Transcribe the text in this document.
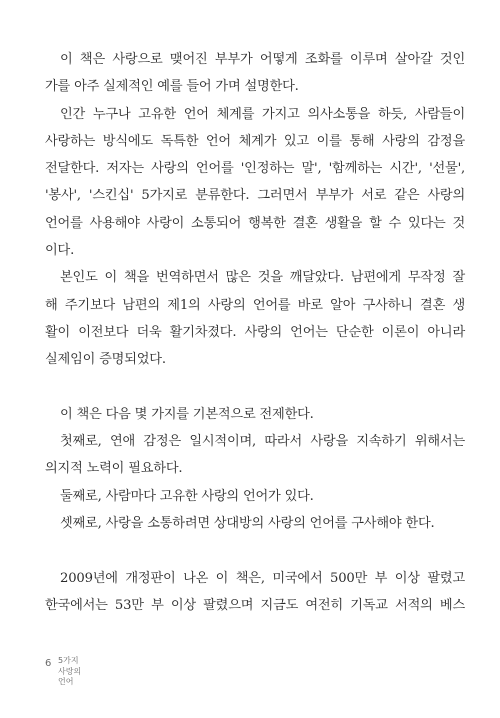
이 책은 사랑으로 맺어진 부부가 어떻게 조화를 이루며 살아갈 것인
가를 아주 실제적인 예를 들어 가며 설명한다.
인간 누구나 고유한 언어 체계를 가지고 의사소통을 하듯, 사람들이
사랑하는 방식에도 독특한 언어 체계가 있고 이를 통해 사랑의 감정을
전달한다. 저자는 사랑의 언어를 '인정하는 말', '함께하는 시간', '선물',
'봉사', '스킨십' 5가지로 분류한다. 그러면서 부부가 서로 같은 사랑의
언어를 사용해야 사랑이 소통되어 행복한 결혼 생활을 할 수 있다는 것
이다.
본인도 이 책을 번역하면서 많은 것을 깨달았다. 남편에게 무작정 잘
해 주기보다 남편의 제1의 사랑의 언어를 바로 알아 구사하니 결혼 생
활이 이전보다 더욱 활기차졌다. 사랑의 언어는 단순한 이론이 아니라
실제임이 증명되었다.
이 책은 다음 몇 가지를 기본적으로 전제한다.
첫째로, 연애 감정은 일시적이며, 따라서 사랑을 지속하기 위해서는
의지적 노력이 필요하다.
둘째로, 사람마다 고유한 사랑의 언어가 있다.
셋째로, 사랑을 소통하려면 상대방의 사랑의 언어를 구사해야 한다.
2009년에 개정판이 나온 이 책은, 미국에서 500만 부 이상 팔렸고
한국에서는 53만 부 이상 팔렸으며 지금도 여전히 기독교 서적의 베스
6 5가지
사랑의
언어
